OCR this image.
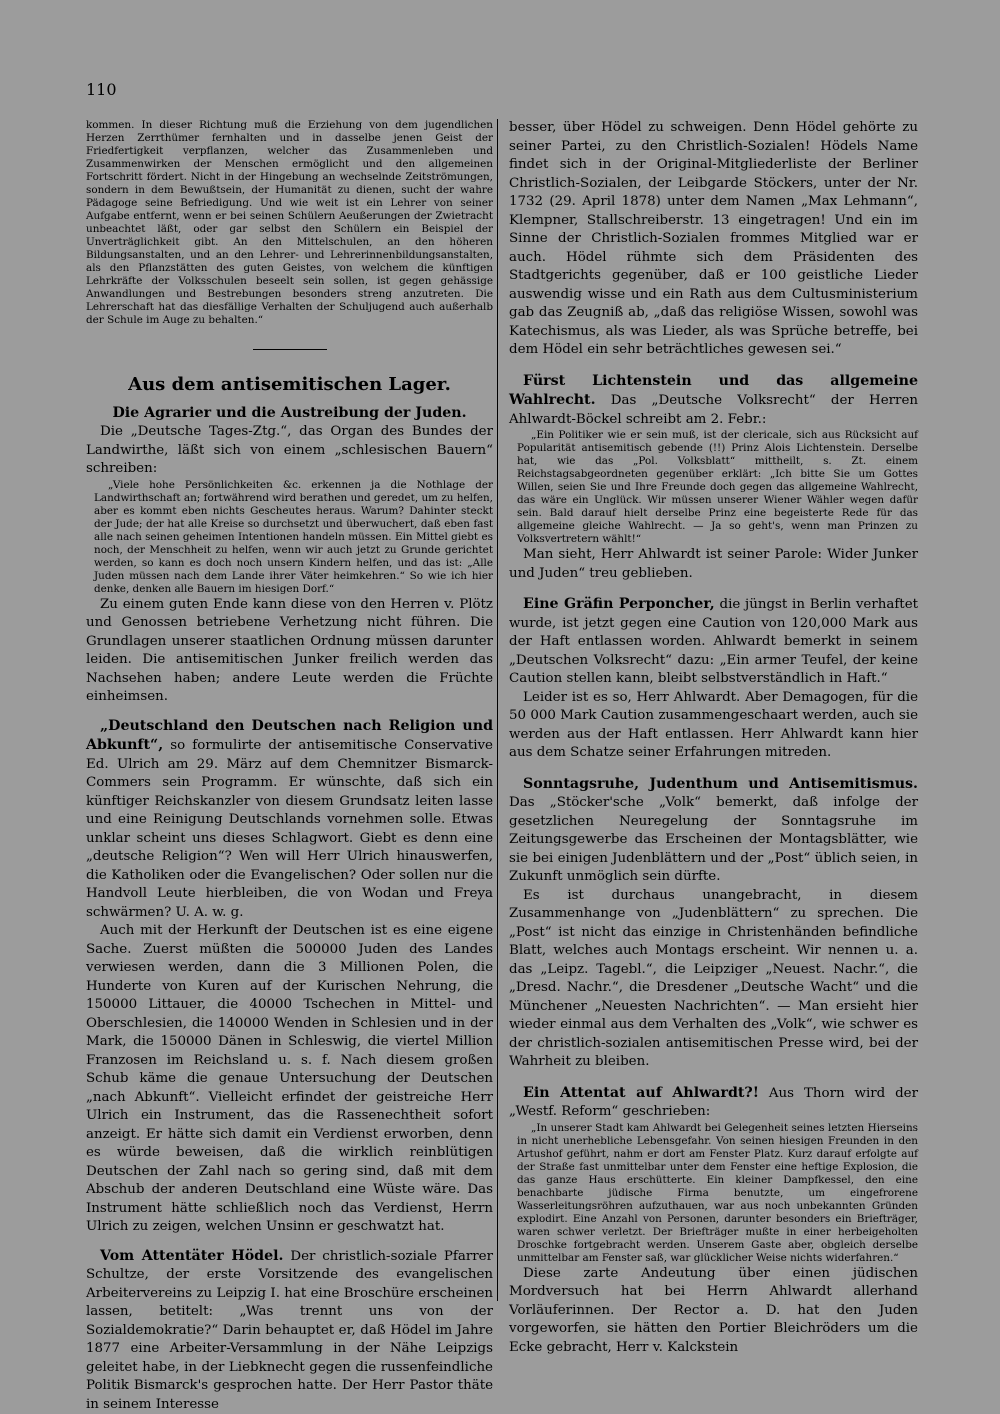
110

kommen. In dieser Richtung muß die Erziehung von dem jugendlichen Herzen Zerrthümer fernhalten und in dasselbe jenen Geist der Friedfertigkeit verpflanzen, welcher das Zusammenleben und Zusammenwirken der Menschen ermöglicht und den allgemeinen Fortschritt fördert. Nicht in der Hingebung an wechselnde Zeitströmungen, sondern in dem Bewußtsein, der Humanität zu dienen, sucht der wahre Pädagoge seine Befriedigung. Und wie weit ist ein Lehrer von seiner Aufgabe entfernt, wenn er bei seinen Schülern Aeußerungen der Zwietracht unbeachtet läßt, oder gar selbst den Schülern ein Beispiel der Unverträglichkeit gibt. An den Mittelschulen, an den höheren Bildungsanstalten, und an den Lehrer- und Lehrerinnenbildungsanstalten, als den Pflanzstätten des guten Geistes, von welchem die künftigen Lehrkräfte der Volksschulen beseelt sein sollen, ist gegen gehässige Anwandlungen und Bestrebungen besonders streng anzutreten. Die Lehrerschaft hat das diesfällige Verhalten der Schuljugend auch außerhalb der Schule im Auge zu behalten.“

Aus dem antisemitischen Lager.

Die Agrarier und die Austreibung der Juden.

Die „Deutsche Tages-Ztg.“, das Organ des Bundes der Landwirthe, läßt sich von einem „schlesischen Bauern“ schreiben:

„Viele hohe Persönlichkeiten &c. erkennen ja die Nothlage der Landwirthschaft an; fortwährend wird berathen und geredet, um zu helfen, aber es kommt eben nichts Gescheutes heraus. Warum? Dahinter steckt der Jude; der hat alle Kreise so durchsetzt und überwuchert, daß eben fast alle nach seinen geheimen Intentionen handeln müssen. Ein Mittel giebt es noch, der Menschheit zu helfen, wenn wir auch jetzt zu Grunde gerichtet werden, so kann es doch noch unsern Kindern helfen, und das ist: „Alle Juden müssen nach dem Lande ihrer Väter heimkehren.“ So wie ich hier denke, denken alle Bauern im hiesigen Dorf.“

Zu einem guten Ende kann diese von den Herren v. Plötz und Genossen betriebene Verhetzung nicht führen. Die Grundlagen unserer staatlichen Ordnung müssen darunter leiden. Die antisemitischen Junker freilich werden das Nachsehen haben; andere Leute werden die Früchte einheimsen.

„Deutschland den Deutschen nach Religion und Abkunft“, so formulirte der antisemitische Conservative Ed. Ulrich am 29. März auf dem Chemnitzer Bismarck-Commers sein Programm. Er wünschte, daß sich ein künftiger Reichskanzler von diesem Grundsatz leiten lasse und eine Reinigung Deutschlands vornehmen solle. Etwas unklar scheint uns dieses Schlagwort. Giebt es denn eine „deutsche Religion“? Wen will Herr Ulrich hinauswerfen, die Katholiken oder die Evangelischen? Oder sollen nur die Handvoll Leute hierbleiben, die von Wodan und Freya schwärmen? U. A. w. g.

Auch mit der Herkunft der Deutschen ist es eine eigene Sache. Zuerst müßten die 500000 Juden des Landes verwiesen werden, dann die 3 Millionen Polen, die Hunderte von Kuren auf der Kurischen Nehrung, die 150000 Littauer, die 40000 Tschechen in Mittel- und Oberschlesien, die 140000 Wenden in Schlesien und in der Mark, die 150000 Dänen in Schleswig, die viertel Million Franzosen im Reichsland u. s. f. Nach diesem großen Schub käme die genaue Untersuchung der Deutschen „nach Abkunft“. Vielleicht erfindet der geistreiche Herr Ulrich ein Instrument, das die Rassenechtheit sofort anzeigt. Er hätte sich damit ein Verdienst erworben, denn es würde beweisen, daß die wirklich reinblütigen Deutschen der Zahl nach so gering sind, daß mit dem Abschub der anderen Deutschland eine Wüste wäre. Das Instrument hätte schließlich noch das Verdienst, Herrn Ulrich zu zeigen, welchen Unsinn er geschwatzt hat.

Vom Attentäter Hödel. Der christlich-soziale Pfarrer Schultze, der erste Vorsitzende des evangelischen Arbeitervereins zu Leipzig I. hat eine Broschüre erscheinen lassen, betitelt: „Was trennt uns von der Sozialdemokratie?“ Darin behauptet er, daß Hödel im Jahre 1877 eine Arbeiter-Versammlung in der Nähe Leipzigs geleitet habe, in der Liebknecht gegen die russenfeindliche Politik Bismarck's gesprochen hatte. Der Herr Pastor thäte in seinem Interesse

besser, über Hödel zu schweigen. Denn Hödel gehörte zu seiner Partei, zu den Christlich-Sozialen! Hödels Name findet sich in der Original-Mitgliederliste der Berliner Christlich-Sozialen, der Leibgarde Stöckers, unter der Nr. 1732 (29. April 1878) unter dem Namen „Max Lehmann“, Klempner, Stallschreiberstr. 13 eingetragen! Und ein im Sinne der Christlich-Sozialen frommes Mitglied war er auch. Hödel rühmte sich dem Präsidenten des Stadtgerichts gegenüber, daß er 100 geistliche Lieder auswendig wisse und ein Rath aus dem Cultusministerium gab das Zeugniß ab, „daß das religiöse Wissen, sowohl was Katechismus, als was Lieder, als was Sprüche betreffe, bei dem Hödel ein sehr beträchtliches gewesen sei.“

Fürst Lichtenstein und das allgemeine Wahlrecht. Das „Deutsche Volksrecht“ der Herren Ahlwardt-Böckel schreibt am 2. Febr.:

„Ein Politiker wie er sein muß, ist der clericale, sich aus Rücksicht auf Popularität antisemitisch gebende (!!) Prinz Alois Lichtenstein. Derselbe hat, wie das „Pol. Volksblatt“ mittheilt, s. Zt. einem Reichstagsabgeordneten gegenüber erklärt: „Ich bitte Sie um Gottes Willen, seien Sie und Ihre Freunde doch gegen das allgemeine Wahlrecht, das wäre ein Unglück. Wir müssen unserer Wiener Wähler wegen dafür sein. Bald darauf hielt derselbe Prinz eine begeisterte Rede für das allgemeine gleiche Wahlrecht. — Ja so geht's, wenn man Prinzen zu Volksvertretern wählt!“

Man sieht, Herr Ahlwardt ist seiner Parole: Wider Junker und Juden“ treu geblieben.

Eine Gräfin Perponcher, die jüngst in Berlin verhaftet wurde, ist jetzt gegen eine Caution von 120,000 Mark aus der Haft entlassen worden. Ahlwardt bemerkt in seinem „Deutschen Volksrecht“ dazu: „Ein armer Teufel, der keine Caution stellen kann, bleibt selbstverständlich in Haft.“

Leider ist es so, Herr Ahlwardt. Aber Demagogen, für die 50 000 Mark Caution zusammengeschaart werden, auch sie werden aus der Haft entlassen. Herr Ahlwardt kann hier aus dem Schatze seiner Erfahrungen mitreden.

Sonntagsruhe, Judenthum und Antisemitismus. Das „Stöcker'sche „Volk“ bemerkt, daß infolge der gesetzlichen Neuregelung der Sonntagsruhe im Zeitungsgewerbe das Erscheinen der Montagsblätter, wie sie bei einigen Judenblättern und der „Post“ üblich seien, in Zukunft unmöglich sein dürfte.

Es ist durchaus unangebracht, in diesem Zusammenhange von „Judenblättern“ zu sprechen. Die „Post“ ist nicht das einzige in Christenhänden befindliche Blatt, welches auch Montags erscheint. Wir nennen u. a. das „Leipz. Tagebl.“, die Leipziger „Neuest. Nachr.“, die „Dresd. Nachr.“, die Dresdener „Deutsche Wacht“ und die Münchener „Neuesten Nachrichten“. — Man ersieht hier wieder einmal aus dem Verhalten des „Volk“, wie schwer es der christlich-sozialen antisemitischen Presse wird, bei der Wahrheit zu bleiben.

Ein Attentat auf Ahlwardt?! Aus Thorn wird der „Westf. Reform“ geschrieben:

„In unserer Stadt kam Ahlwardt bei Gelegenheit seines letzten Hierseins in nicht unerhebliche Lebensgefahr. Von seinen hiesigen Freunden in den Artushof geführt, nahm er dort am Fenster Platz. Kurz darauf erfolgte auf der Straße fast unmittelbar unter dem Fenster eine heftige Explosion, die das ganze Haus erschütterte. Ein kleiner Dampfkessel, den eine benachbarte jüdische Firma benutzte, um eingefrorene Wasserleitungsröhren aufzuthauen, war aus noch unbekannten Gründen explodirt. Eine Anzahl von Personen, darunter besonders ein Briefträger, waren schwer verletzt. Der Briefträger mußte in einer herbeigeholten Droschke fortgebracht werden. Unserem Gaste aber, obgleich derselbe unmittelbar am Fenster saß, war glücklicher Weise nichts widerfahren.“

Diese zarte Andeutung über einen jüdischen Mordversuch hat bei Herrn Ahlwardt allerhand Vorläuferinnen. Der Rector a. D. hat den Juden vorgeworfen, sie hätten den Portier Bleichröders um die Ecke gebracht, Herr v. Kalckstein
